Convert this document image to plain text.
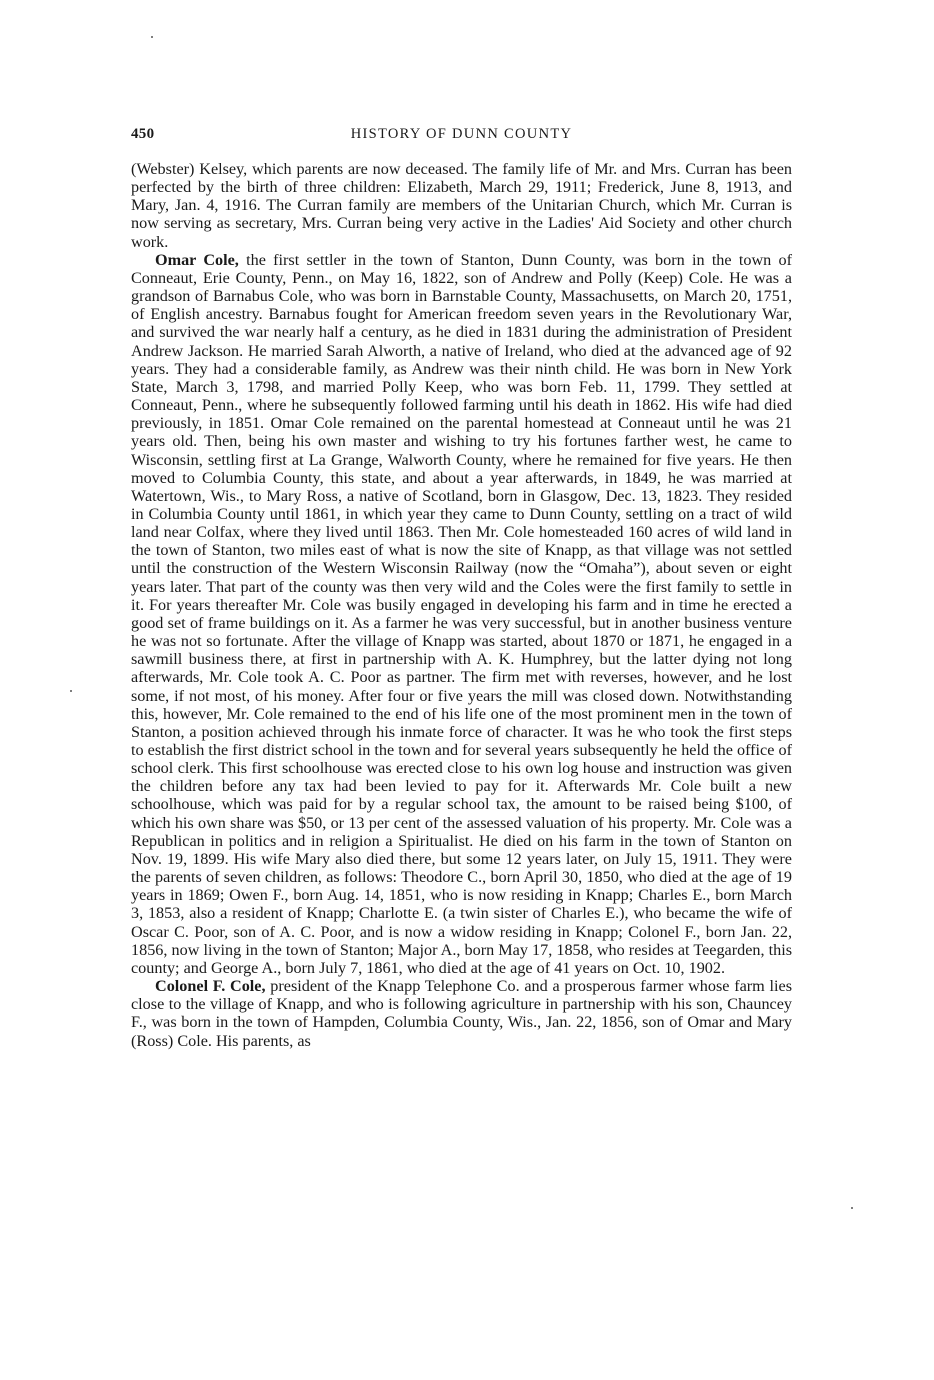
450	HISTORY OF DUNN COUNTY

(Webster) Kelsey, which parents are now deceased. The family life of Mr. and Mrs. Curran has been perfected by the birth of three children: Elizabeth, March 29, 1911; Frederick, June 8, 1913, and Mary, Jan. 4, 1916. The Curran family are members of the Unitarian Church, which Mr. Curran is now serving as secretary, Mrs. Curran being very active in the Ladies' Aid Society and other church work.

Omar Cole, the first settler in the town of Stanton, Dunn County, was born in the town of Conneaut, Erie County, Penn., on May 16, 1822, son of Andrew and Polly (Keep) Cole. He was a grandson of Barnabus Cole, who was born in Barnstable County, Massachusetts, on March 20, 1751, of English ancestry. Barnabus fought for American freedom seven years in the Revolutionary War, and survived the war nearly half a century, as he died in 1831 during the administration of President Andrew Jackson. He married Sarah Alworth, a native of Ireland, who died at the advanced age of 92 years. They had a considerable family, as Andrew was their ninth child. He was born in New York State, March 3, 1798, and married Polly Keep, who was born Feb. 11, 1799. They settled at Conneaut, Penn., where he subsequently followed farming until his death in 1862. His wife had died previously, in 1851. Omar Cole remained on the parental homestead at Conneaut until he was 21 years old. Then, being his own master and wishing to try his fortunes farther west, he came to Wisconsin, settling first at La Grange, Walworth County, where he remained for five years. He then moved to Columbia County, this state, and about a year afterwards, in 1849, he was married at Watertown, Wis., to Mary Ross, a native of Scotland, born in Glasgow, Dec. 13, 1823. They resided in Columbia County until 1861, in which year they came to Dunn County, settling on a tract of wild land near Colfax, where they lived until 1863. Then Mr. Cole homesteaded 160 acres of wild land in the town of Stanton, two miles east of what is now the site of Knapp, as that village was not settled until the construction of the Western Wisconsin Railway (now the “Omaha”), about seven or eight years later. That part of the county was then very wild and the Coles were the first family to settle in it. For years thereafter Mr. Cole was busily engaged in developing his farm and in time he erected a good set of frame buildings on it. As a farmer he was very successful, but in another business venture he was not so fortunate. After the village of Knapp was started, about 1870 or 1871, he engaged in a sawmill business there, at first in partnership with A. K. Humphrey, but the latter dying not long afterwards, Mr. Cole took A. C. Poor as partner. The firm met with reverses, however, and he lost some, if not most, of his money. After four or five years the mill was closed down. Notwithstanding this, however, Mr. Cole remained to the end of his life one of the most prominent men in the town of Stanton, a position achieved through his inmate force of character. It was he who took the first steps to establish the first district school in the town and for several years subsequently he held the office of school clerk. This first schoolhouse was erected close to his own log house and instruction was given the children before any tax had been levied to pay for it. Afterwards Mr. Cole built a new schoolhouse, which was paid for by a regular school tax, the amount to be raised being $100, of which his own share was $50, or 13 per cent of the assessed valuation of his property. Mr. Cole was a Republican in politics and in religion a Spiritualist. He died on his farm in the town of Stanton on Nov. 19, 1899. His wife Mary also died there, but some 12 years later, on July 15, 1911. They were the parents of seven children, as follows: Theodore C., born April 30, 1850, who died at the age of 19 years in 1869; Owen F., born Aug. 14, 1851, who is now residing in Knapp; Charles E., born March 3, 1853, also a resident of Knapp; Charlotte E. (a twin sister of Charles E.), who became the wife of Oscar C. Poor, son of A. C. Poor, and is now a widow residing in Knapp; Colonel F., born Jan. 22, 1856, now living in the town of Stanton; Major A., born May 17, 1858, who resides at Teegarden, this county; and George A., born July 7, 1861, who died at the age of 41 years on Oct. 10, 1902.

Colonel F. Cole, president of the Knapp Telephone Co. and a prosperous farmer whose farm lies close to the village of Knapp, and who is following agriculture in partnership with his son, Chauncey F., was born in the town of Hampden, Columbia County, Wis., Jan. 22, 1856, son of Omar and Mary (Ross) Cole. His parents, as
